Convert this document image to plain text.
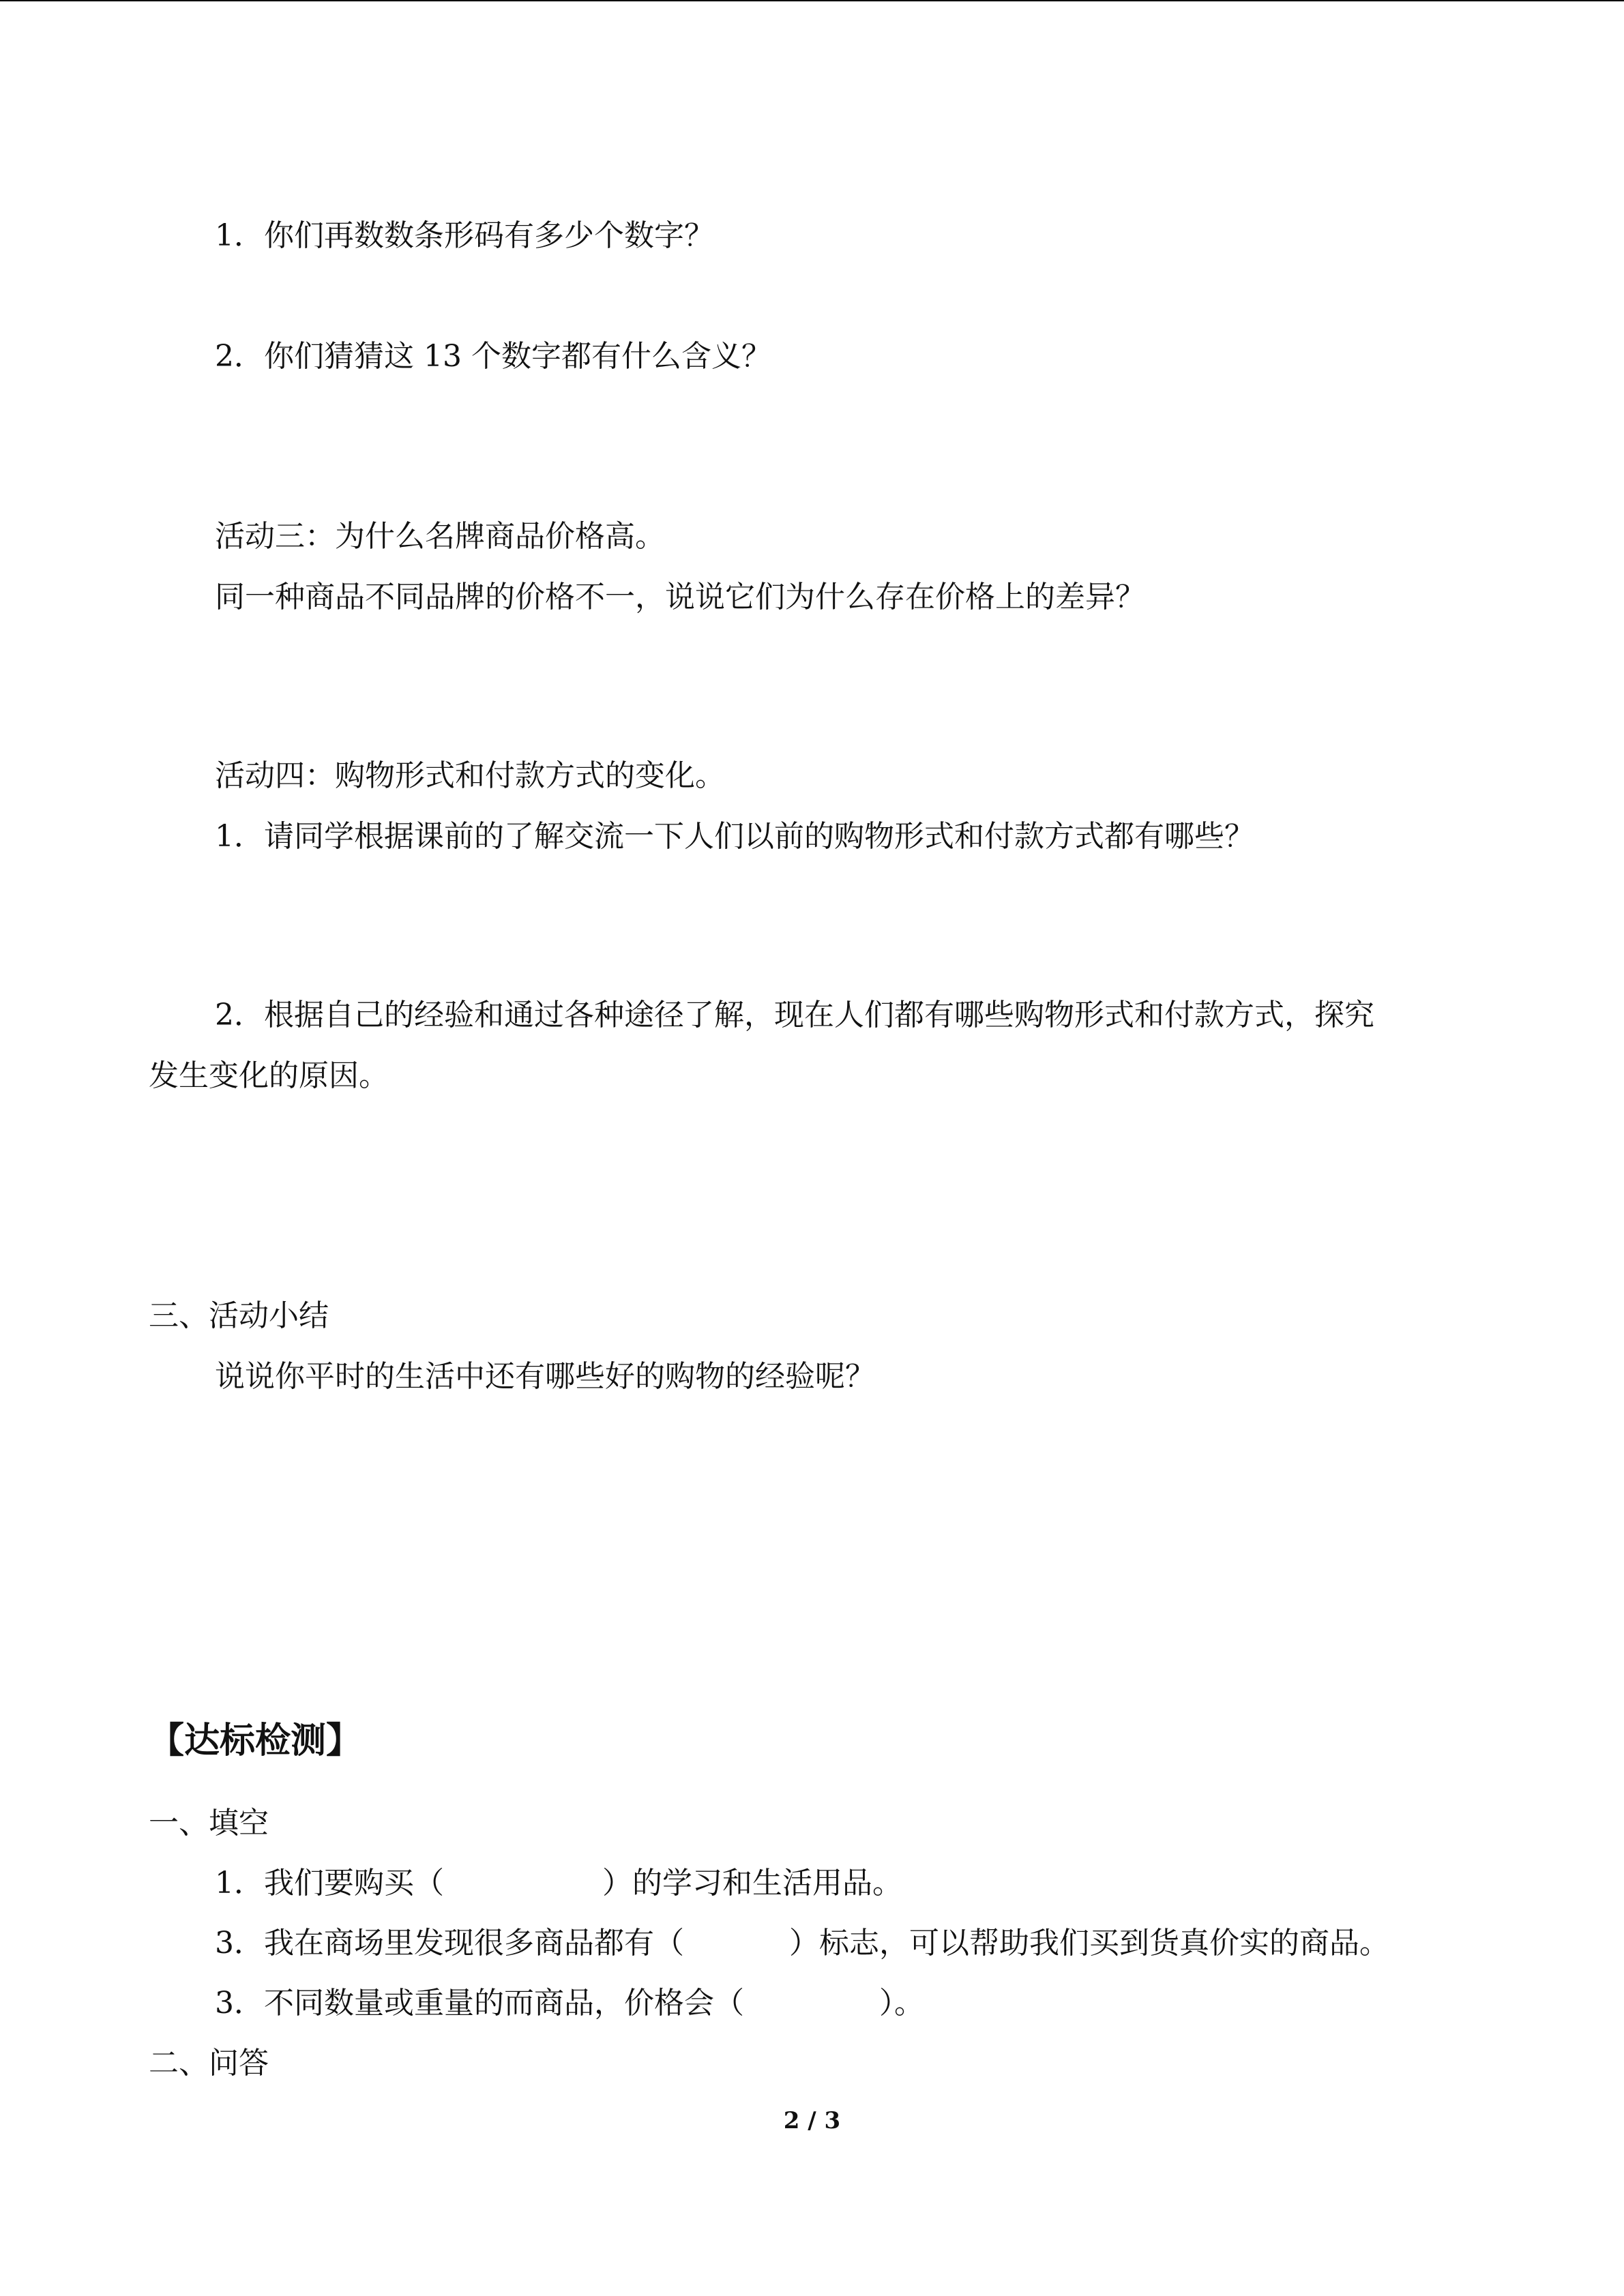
1．你们再数数条形码有多少个数字？
2．你们猜猜这 13 个数字都有什么含义？
活动三：为什么名牌商品价格高。
同一种商品不同品牌的价格不一，说说它们为什么存在价格上的差异？
活动四：购物形式和付款方式的变化。
1．请同学根据课前的了解交流一下人们以前的购物形式和付款方式都有哪些？
2．根据自己的经验和通过各种途径了解，现在人们都有哪些购物形式和付款方式，探究
发生变化的原因。
三、活动小结
说说你平时的生活中还有哪些好的购物的经验呢？
【达标检测】
一、填空
1．我们要购买（	）的学习和生活用品。
3．我在商场里发现很多商品都有（	）标志，可以帮助我们买到货真价实的商品。
3．不同数量或重量的而商品，价格会（	）。
二、问答
2 / 3
